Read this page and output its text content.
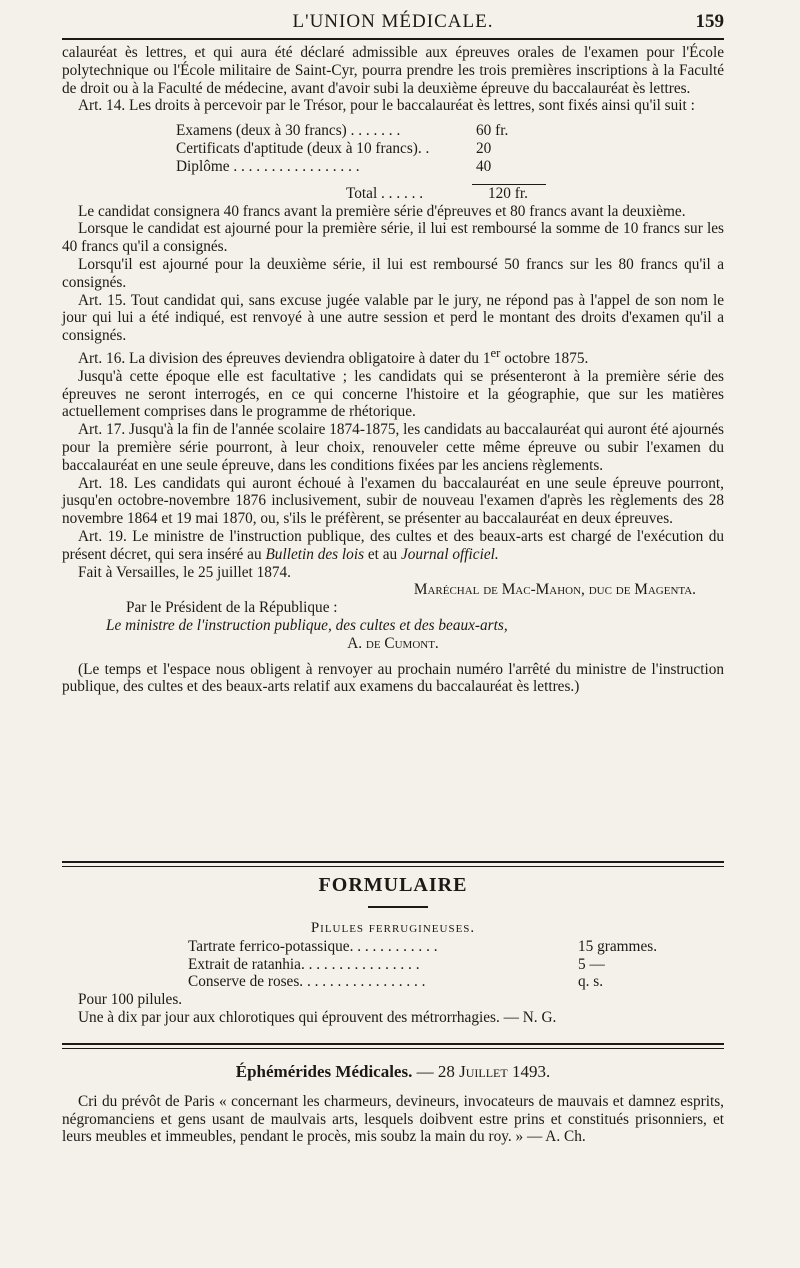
L'UNION MÉDICALE.	159

calauréat ès lettres, et qui aura été déclaré admissible aux épreuves orales de l'examen pour l'École polytechnique ou l'École militaire de Saint-Cyr, pourra prendre les trois premières inscriptions à la Faculté de droit ou à la Faculté de médecine, avant d'avoir subi la deuxième épreuve du baccalauréat ès lettres.

Art. 14. Les droits à percevoir par le Trésor, pour le baccalauréat ès lettres, sont fixés ainsi qu'il suit :

Examens (deux à 30 francs) . . . . . . .	60 fr.
Certificats d'aptitude (deux à 10 francs). .	20
Diplôme . . . . . . . . . . . . . . . . .	40
Total . . . . . .	120 fr.

Le candidat consignera 40 francs avant la première série d'épreuves et 80 francs avant la deuxième.

Lorsque le candidat est ajourné pour la première série, il lui est remboursé la somme de 10 francs sur les 40 francs qu'il a consignés.

Lorsqu'il est ajourné pour la deuxième série, il lui est remboursé 50 francs sur les 80 francs qu'il a consignés.

Art. 15. Tout candidat qui, sans excuse jugée valable par le jury, ne répond pas à l'appel de son nom le jour qui lui a été indiqué, est renvoyé à une autre session et perd le montant des droits d'examen qu'il a consignés.

Art. 16. La division des épreuves deviendra obligatoire à dater du 1er octobre 1875.

Jusqu'à cette époque elle est facultative ; les candidats qui se présenteront à la première série des épreuves ne seront interrogés, en ce qui concerne l'histoire et la géographie, que sur les matières actuellement comprises dans le programme de rhétorique.

Art. 17. Jusqu'à la fin de l'année scolaire 1874-1875, les candidats au baccalauréat qui auront été ajournés pour la première série pourront, à leur choix, renouveler cette même épreuve ou subir l'examen du baccalauréat en une seule épreuve, dans les conditions fixées par les anciens règlements.

Art. 18. Les candidats qui auront échoué à l'examen du baccalauréat en une seule épreuve pourront, jusqu'en octobre-novembre 1876 inclusivement, subir de nouveau l'examen d'après les règlements des 28 novembre 1864 et 19 mai 1870, ou, s'ils le préfèrent, se présenter au baccalauréat en deux épreuves.

Art. 19. Le ministre de l'instruction publique, des cultes et des beaux-arts est chargé de l'exécution du présent décret, qui sera inséré au Bulletin des lois et au Journal officiel.

Fait à Versailles, le 25 juillet 1874.

Maréchal de Mac-Mahon, duc de Magenta.

Par le Président de la République :

Le ministre de l'instruction publique, des cultes et des beaux-arts,

A. de Cumont.

(Le temps et l'espace nous obligent à renvoyer au prochain numéro l'arrêté du ministre de l'instruction publique, des cultes et des beaux-arts relatif aux examens du baccalauréat ès lettres.)

FORMULAIRE
Pilules ferrugineuses.
Tartrate ferrico-potassique. . . . . . . . . . . .	15 grammes.
Extrait de ratanhia. . . . . . . . . . . . . . . .	5 —
Conserve de roses. . . . . . . . . . . . . . . . .	q. s.

Pour 100 pilules.

Une à dix par jour aux chlorotiques qui éprouvent des métrorrhagies. — N. G.

Éphémérides Médicales. — 28 Juillet 1493.

Cri du prévôt de Paris « concernant les charmeurs, devineurs, invocateurs de mauvais et damnez esprits, négromanciens et gens usant de maulvais arts, lesquels doibvent estre prins et constitués prisonniers, et leurs meubles et immeubles, pendant le procès, mis soubz la main du roy. » — A. Ch.
